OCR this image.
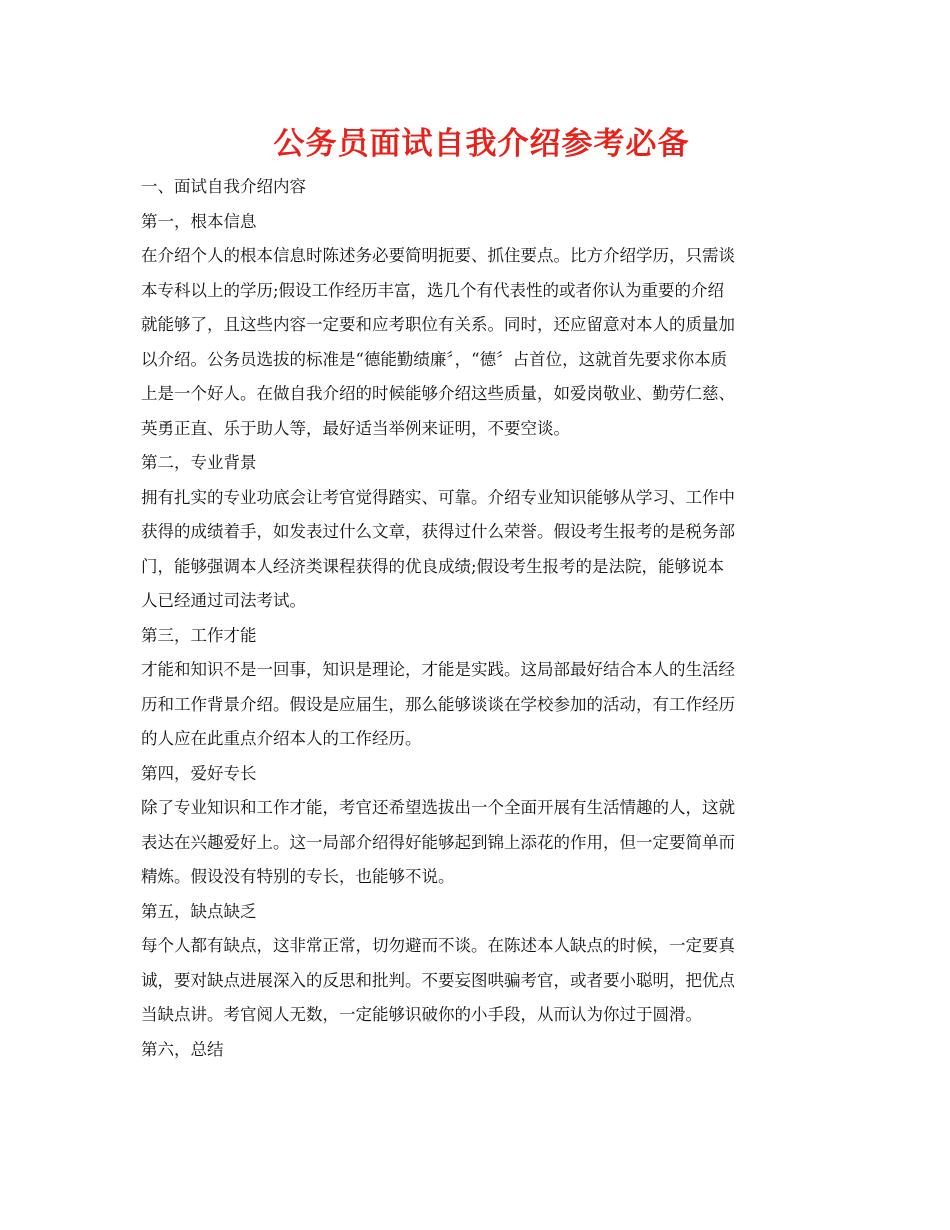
公务员面试自我介绍参考必备

一、面试自我介绍内容

第一，根本信息

在介绍个人的根本信息时陈述务必要简明扼要、抓住要点。比方介绍学历，只需谈
本专科以上的学历;假设工作经历丰富，选几个有代表性的或者你认为重要的介绍
就能够了，且这些内容一定要和应考职位有关系。同时，还应留意对本人的质量加
以介绍。公务员选拔的标准是“德能勤绩廉〞，“德〞占首位，这就首先要求你本质
上是一个好人。在做自我介绍的时候能够介绍这些质量，如爱岗敬业、勤劳仁慈、
英勇正直、乐于助人等，最好适当举例来证明，不要空谈。

第二，专业背景

拥有扎实的专业功底会让考官觉得踏实、可靠。介绍专业知识能够从学习、工作中
获得的成绩着手，如发表过什么文章，获得过什么荣誉。假设考生报考的是税务部
门，能够强调本人经济类课程获得的优良成绩;假设考生报考的是法院，能够说本
人已经通过司法考试。

第三，工作才能

才能和知识不是一回事，知识是理论，才能是实践。这局部最好结合本人的生活经
历和工作背景介绍。假设是应届生，那么能够谈谈在学校参加的活动，有工作经历
的人应在此重点介绍本人的工作经历。

第四，爱好专长

除了专业知识和工作才能，考官还希望选拔出一个全面开展有生活情趣的人，这就
表达在兴趣爱好上。这一局部介绍得好能够起到锦上添花的作用，但一定要简单而
精炼。假设没有特别的专长，也能够不说。

第五，缺点缺乏

每个人都有缺点，这非常正常，切勿避而不谈。在陈述本人缺点的时候，一定要真
诚，要对缺点进展深入的反思和批判。不要妄图哄骗考官，或者要小聪明，把优点
当缺点讲。考官阅人无数，一定能够识破你的小手段，从而认为你过于圆滑。

第六，总结
